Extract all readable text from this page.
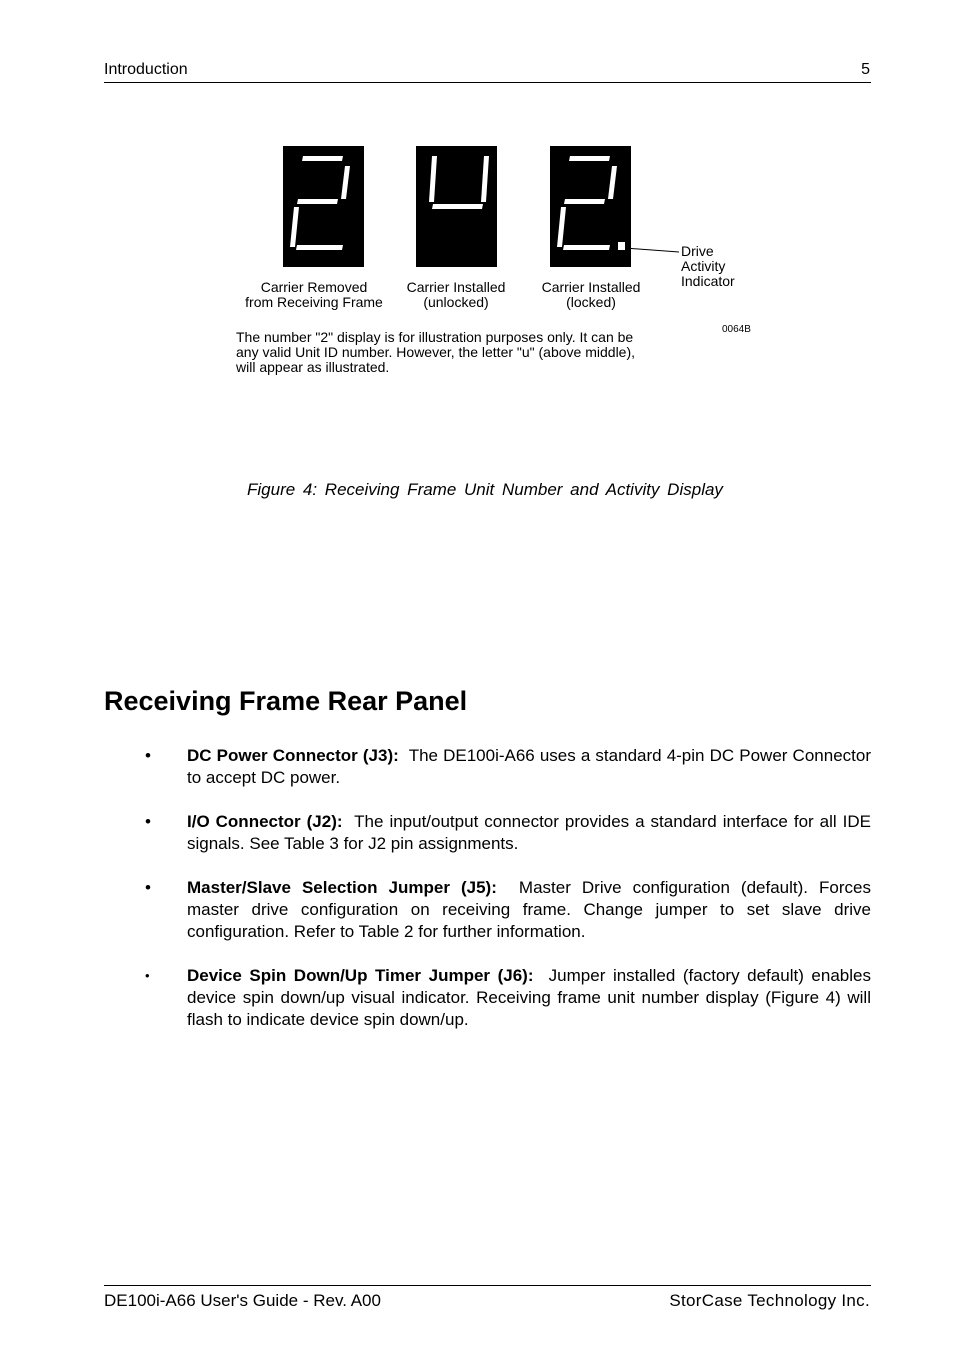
Introduction	5
Carrier Removed
from Receiving Frame
Carrier Installed
(unlocked)
Carrier Installed
(locked)
Drive
Activity
Indicator
0064B
The number "2" display is for illustration purposes only. It can be any valid Unit ID number. However, the letter "u" (above middle), will appear as illustrated.
Figure 4: Receiving Frame Unit Number and Activity Display
Receiving Frame Rear Panel
• DC Power Connector (J3): The DE100i-A66 uses a standard 4-pin DC Power Connector to accept DC power.
• I/O Connector (J2): The input/output connector provides a standard interface for all IDE signals. See Table 3 for J2 pin assignments.
• Master/Slave Selection Jumper (J5): Master Drive configuration (default). Forces master drive configuration on receiving frame. Change jumper to set slave drive configuration. Refer to Table 2 for further information.
• Device Spin Down/Up Timer Jumper (J6): Jumper installed (factory default) enables device spin down/up visual indicator. Receiving frame unit number display (Figure 4) will flash to indicate device spin down/up.
DE100i-A66 User's Guide - Rev. A00	StorCase Technology Inc.
